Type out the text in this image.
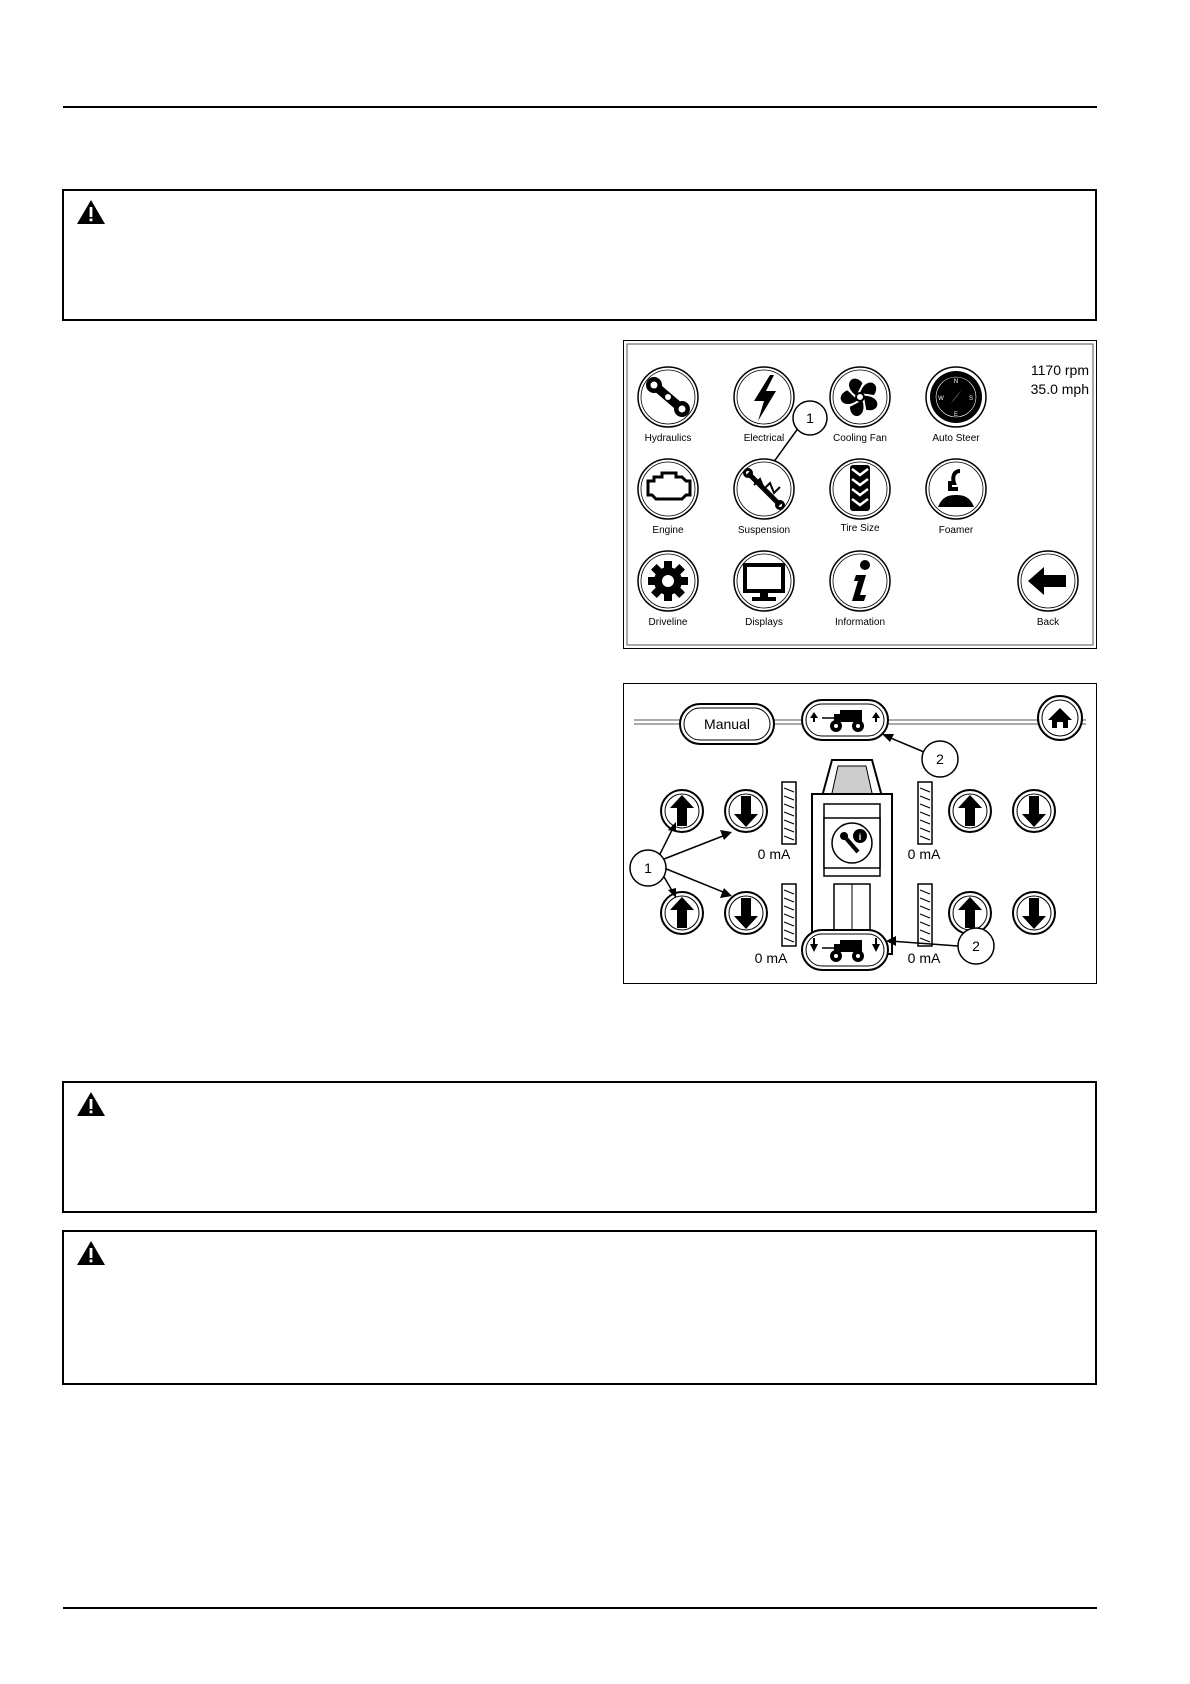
1170 rpm
35.0 mph
Hydraulics	Electrical	Cooling Fan
N
E
W	S
Auto Steer
1
Engine	Suspension	Tire Size	Foamer
Driveline	Displays	Information	Back
Manual
i
0 mA	0 mA
0 mA	0 mA
1
2
2
